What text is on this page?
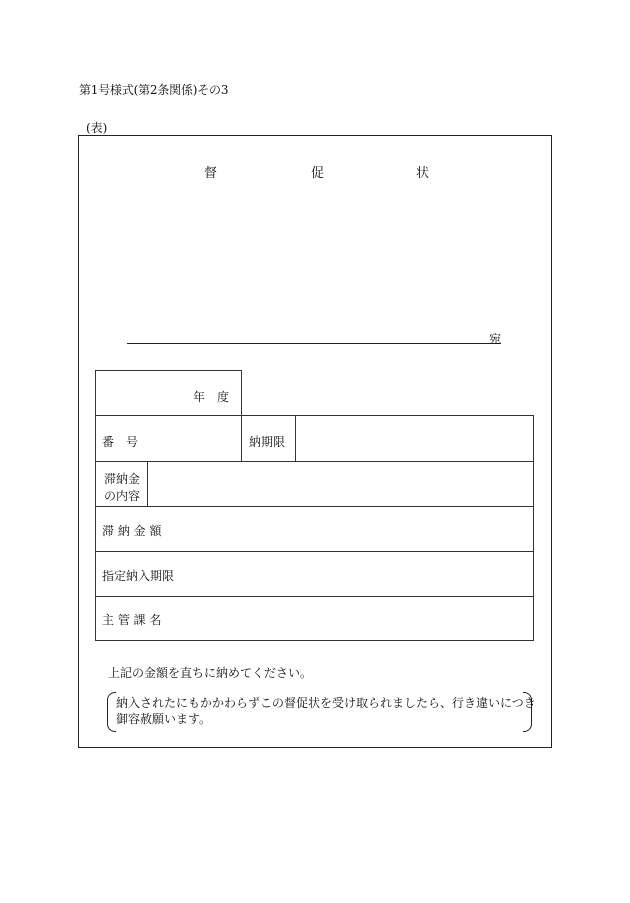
第1号様式(第2条関係)その3
(表)
督	促	状
宛
年　度
番　号	納期限
滞納金
の内容
滞 納 金 額
指定納入期限
主 管 課 名
上記の金額を直ちに納めてください。
納入されたにもかかわらずこの督促状を受け取られましたら、行き違いにつき
御容赦願います。
